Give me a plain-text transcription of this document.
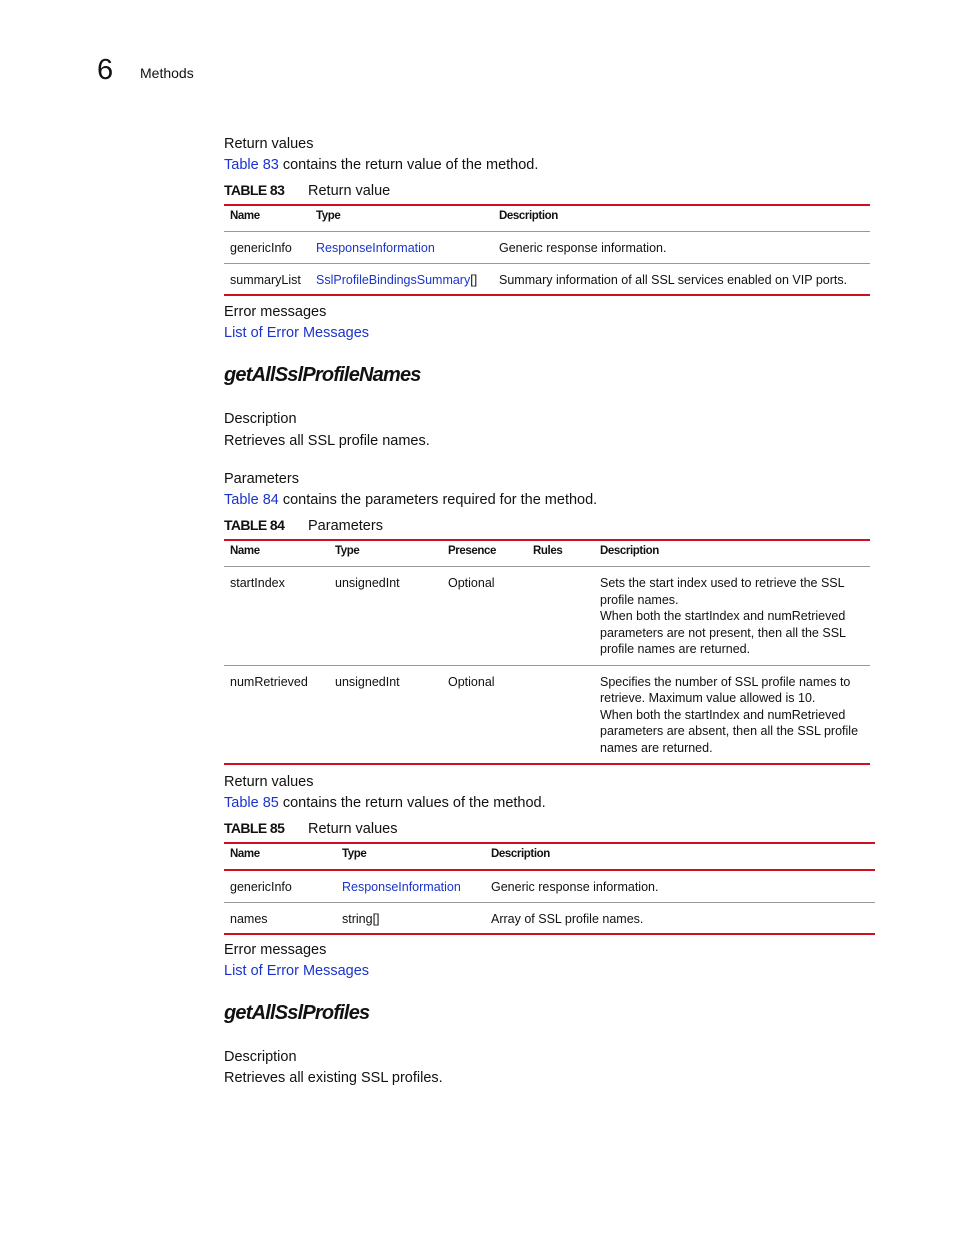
6 Methods
Return values
Table 83 contains the return value of the method.
TABLE 83 Return value
Name	Type	Description
genericInfo	ResponseInformation	Generic response information.
summaryList	SslProfileBindingsSummary[]	Summary information of all SSL services enabled on VIP ports.
Error messages
List of Error Messages
getAllSslProfileNames
Description
Retrieves all SSL profile names.
Parameters
Table 84 contains the parameters required for the method.
TABLE 84 Parameters
Name	Type	Presence	Rules	Description
startIndex	unsignedInt	Optional		Sets the start index used to retrieve the SSL profile names.
When both the startIndex and numRetrieved parameters are not present, then all the SSL profile names are returned.

numRetrieved	unsignedInt	Optional		Specifies the number of SSL profile names to retrieve. Maximum value allowed is 10.
When both the startIndex and numRetrieved parameters are absent, then all the SSL profile names are returned.
Return values
Table 85 contains the return values of the method.
TABLE 85 Return values
Name	Type	Description
genericInfo	ResponseInformation	Generic response information.
names	string[]	Array of SSL profile names.
Error messages
List of Error Messages
getAllSslProfiles
Description
Retrieves all existing SSL profiles.
